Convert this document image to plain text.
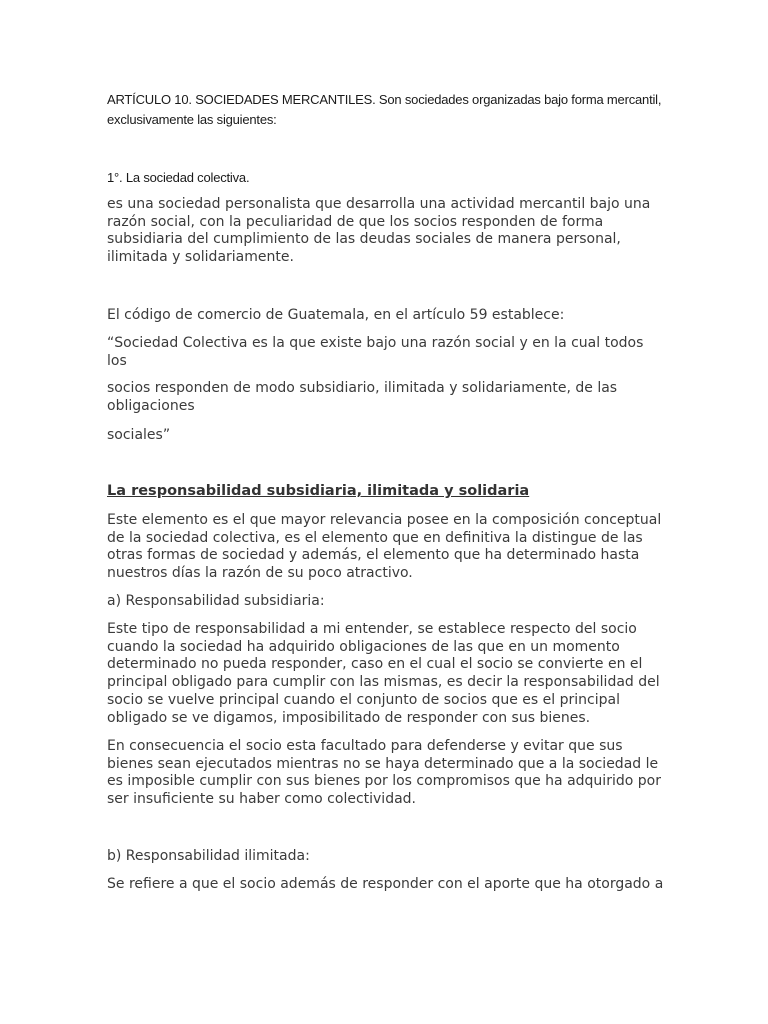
ARTÍCULO 10. SOCIEDADES MERCANTILES. Son sociedades organizadas bajo forma mercantil,
exclusivamente las siguientes:

1°. La sociedad colectiva.

es una sociedad personalista que desarrolla una actividad mercantil bajo una
razón social, con la peculiaridad de que los socios responden de forma
subsidiaria del cumplimiento de las deudas sociales de manera personal,
ilimitada y solidariamente.

El código de comercio de Guatemala, en el artículo 59 establece:

“Sociedad Colectiva es la que existe bajo una razón social y en la cual todos
los

socios responden de modo subsidiario, ilimitada y solidariamente, de las
obligaciones

sociales”

La responsabilidad subsidiaria, ilimitada y solidaria

Este elemento es el que mayor relevancia posee en la composición conceptual
de la sociedad colectiva, es el elemento que en definitiva la distingue de las
otras formas de sociedad y además, el elemento que ha determinado hasta
nuestros días la razón de su poco atractivo.

a) Responsabilidad subsidiaria:

Este tipo de responsabilidad a mi entender, se establece respecto del socio
cuando la sociedad ha adquirido obligaciones de las que en un momento
determinado no pueda responder, caso en el cual el socio se convierte en el
principal obligado para cumplir con las mismas, es decir la responsabilidad del
socio se vuelve principal cuando el conjunto de socios que es el principal
obligado se ve digamos, imposibilitado de responder con sus bienes.

En consecuencia el socio esta facultado para defenderse y evitar que sus
bienes sean ejecutados mientras no se haya determinado que a la sociedad le
es imposible cumplir con sus bienes por los compromisos que ha adquirido por
ser insuficiente su haber como colectividad.

b) Responsabilidad ilimitada:

Se refiere a que el socio además de responder con el aporte que ha otorgado a
